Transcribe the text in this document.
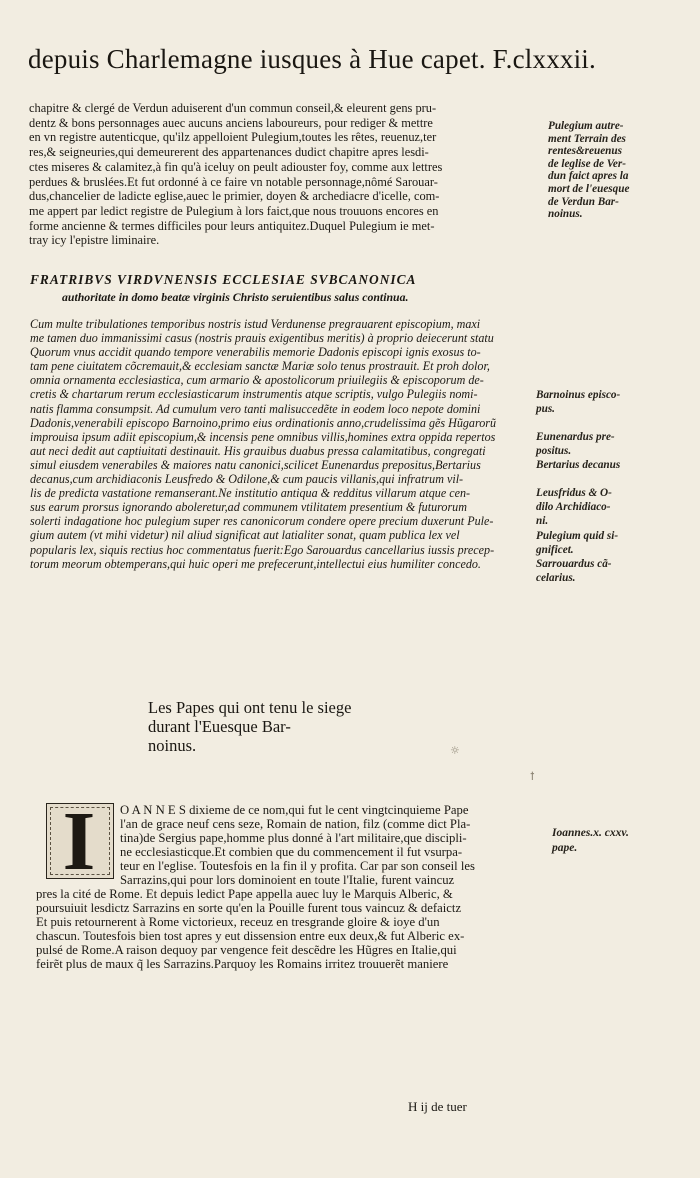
depuis Charlemagne iusques à Hue capet. F.clxxxii.
chapitre & clergé de Verdun aduiserent d'un commun conseil,& eleurent gens pru-
dentz & bons personnages auec aucuns anciens laboureurs, pour rediger & mettre
en vn registre autenticque, qu'ilz appelloient Pulegium,toutes les rêtes, reuenuz,ter
res,& seigneuries,qui demeurerent des appartenances dudict chapitre apres lesdi-
ctes miseres & calamitez,à fin qu'à iceluy on peult adiouster foy, comme aux lettres
perdues & bruslées.Et fut ordonné à ce faire vn notable personnage,nômé Sarouar-
dus,chancelier de ladicte eglise,auec le primier, doyen & archediacre d'icelle, com-
me appert par ledict registre de Pulegium à lors faict,que nous trouuons encores en
forme ancienne & termes difficiles pour leurs antiquitez.Duquel Pulegium ie met-
tray icy l'epistre liminaire.
Pulegium autre-
ment Terrain des
rentes&reuenus
de leglise de Ver-
dun faict apres la
mort de l'euesque
de Verdun Bar-
noinus.
FRATRIBVS VIRDVNENSIS ECCLESIAE SVBCANONICA
authoritate in domo beatæ virginis Christo seruientibus salus continua.
Cum multe tribulationes temporibus nostris istud Verdunense pregrauarent episcopium, maxi
me tamen duo immanissimi casus (nostris prauis exigentibus meritis) à proprio deiecerunt statu
Quorum vnus accidit quando tempore venerabilis memorie Dadonis episcopi ignis exosus to-
tam pene ciuitatem cõcremauit,& ecclesiam sanctæ Mariæ solo tenus prostrauit. Et proh dolor,
omnia ornamenta ecclesiastica, cum armario & apostolicorum priuilegiis & episcoporum de-
cretis & chartarum rerum ecclesiasticarum instrumentis atque scriptis, vulgo Pulegiis nomi-
natis flamma consumpsit. Ad cumulum vero tanti malisuccedẽte in eodem loco nepote domini
Dadonis,venerabili episcopo Barnoino,primo eius ordinationis anno,crudelissima gẽs Hũgarorũ
improuisa ipsum adiit episcopium,& incensis pene omnibus villis,homines extra oppida repertos
aut neci dedit aut captiuitati destinauit. His grauibus duabus pressa calamitatibus, congregati
simul eiusdem venerabiles & maiores natu canonici,scilicet Eunenardus prepositus,Bertarius
decanus,cum archidiaconis Leusfredo & Odilone,& cum paucis villanis,qui infratrum vil-
lis de predicta vastatione remanserant.Ne institutio antiqua & redditus villarum atque cen-
sus earum prorsus ignorando aboleretur,ad communem vtilitatem presentium & futurorum
solerti indagatione hoc pulegium super res canonicorum condere opere precium duxerunt Pule-
gium autem (vt mihi videtur) nil aliud significat aut latialiter sonat, quam publica lex vel
popularis lex, siquis rectius hoc commentatus fuerit:Ego Sarouardus cancellarius iussis precep-
torum meorum obtemperans,qui huic operi me prefecerunt,intellectui eius humiliter concedo.
Barnoinus episco-
pus.
Eunenardus pre-
positus.
Bertarius decanus
Leusfridus & O-
dilo Archidiaco-
ni.
Pulegium quid si-
gnificet.
Sarrouardus cã-
celarius.
Les Papes qui ont tenu le siege
durant l'Euesque Bar-
noinus.
I	O A N N E S dixieme de ce nom,qui fut le cent vingtcinquieme Pape
l'an de grace neuf cens seze, Romain de nation, filz (comme dict Pla-
tina)de Sergius pape,homme plus donné à l'art militaire,que discipli-
ne ecclesiasticque.Et combien que du commencement il fut vsurpa-
teur en l'eglise. Toutesfois en la fin il y profita. Car par son conseil les
Sarrazins,qui pour lors dominoient en toute l'Italie, furent vaincuz
pres la cité de Rome. Et depuis ledict Pape appella auec luy le Marquis Alberic, &
poursuiuit lesdictz Sarrazins en sorte qu'en la Pouille furent tous vaincuz & defaictz
Et puis retournerent à Rome victorieux, receuz en tresgrande gloire & ioye d'un
chascun. Toutesfois bien tost apres y eut dissension entre eux deux,& fut Alberic ex-
pulsé de Rome.A raison dequoy par vengence feit descẽdre les Hũgres en Italie,qui
feirẽt plus de maux q̃ les Sarrazins.Parquoy les Romains irritez trouuerẽt maniere
Ioannes.x. cxxv.
pape.
H ij de tuer
ꝉ
☼
